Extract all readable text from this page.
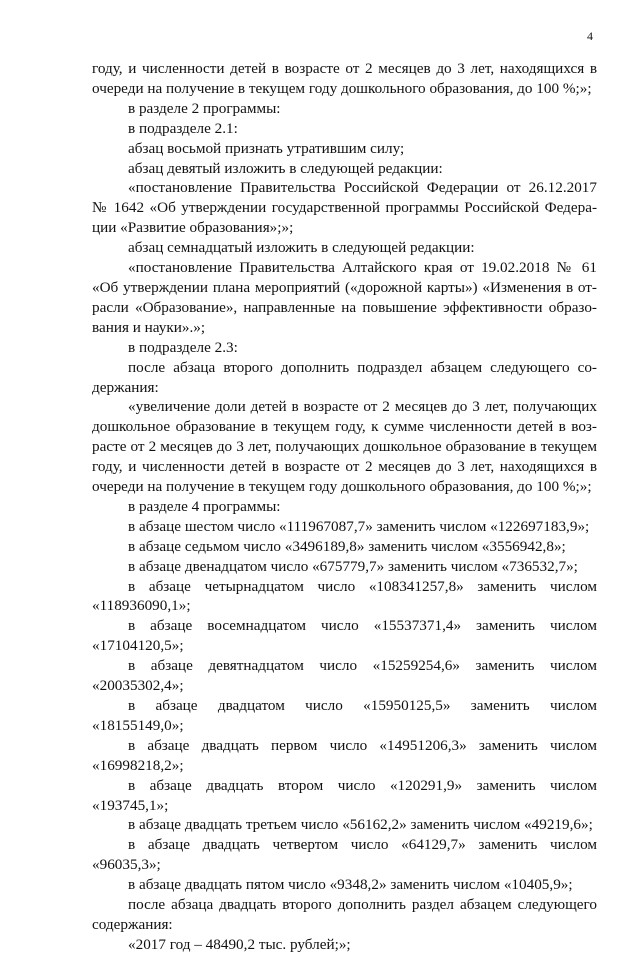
4
году, и численности детей в возрасте от 2 месяцев до 3 лет, находящихся в
очереди на получение в текущем году дошкольного образования, до 100 %;»;
в разделе 2 программы:
в подразделе 2.1:
абзац восьмой признать утратившим силу;
абзац девятый изложить в следующей редакции:
«постановление Правительства Российской Федерации от 26.12.2017
№ 1642 «Об утверждении государственной программы Российской Федера-
ции «Развитие образования»;»;
абзац семнадцатый изложить в следующей редакции:
«постановление Правительства Алтайского края от 19.02.2018 № 61
«Об утверждении плана мероприятий («дорожной карты») «Изменения в от-
расли «Образование», направленные на повышение эффективности образо-
вания и науки».»;
в подразделе 2.3:
после абзаца второго дополнить подраздел абзацем следующего со-
держания:
«увеличение доли детей в возрасте от 2 месяцев до 3 лет, получающих
дошкольное образование в текущем году, к сумме численности детей в воз-
расте от 2 месяцев до 3 лет, получающих дошкольное образование в текущем
году, и численности детей в возрасте от 2 месяцев до 3 лет, находящихся в
очереди на получение в текущем году дошкольного образования, до 100 %;»;
в разделе 4 программы:
в абзаце шестом число «111967087,7» заменить числом «122697183,9»;
в абзаце седьмом число «3496189,8» заменить числом «3556942,8»;
в абзаце двенадцатом число «675779,7» заменить числом «736532,7»;
в абзаце четырнадцатом число «108341257,8» заменить числом
«118936090,1»;
в абзаце восемнадцатом число «15537371,4» заменить числом
«17104120,5»;
в абзаце девятнадцатом число «15259254,6» заменить числом
«20035302,4»;
в абзаце двадцатом число «15950125,5» заменить числом
«18155149,0»;
в абзаце двадцать первом число «14951206,3» заменить числом
«16998218,2»;
в абзаце двадцать втором число «120291,9» заменить числом
«193745,1»;
в абзаце двадцать третьем число «56162,2» заменить числом «49219,6»;
в абзаце двадцать четвертом число «64129,7» заменить числом
«96035,3»;
в абзаце двадцать пятом число «9348,2» заменить числом «10405,9»;
после абзаца двадцать второго дополнить раздел абзацем следующего
содержания:
«2017 год – 48490,2 тыс. рублей;»;
